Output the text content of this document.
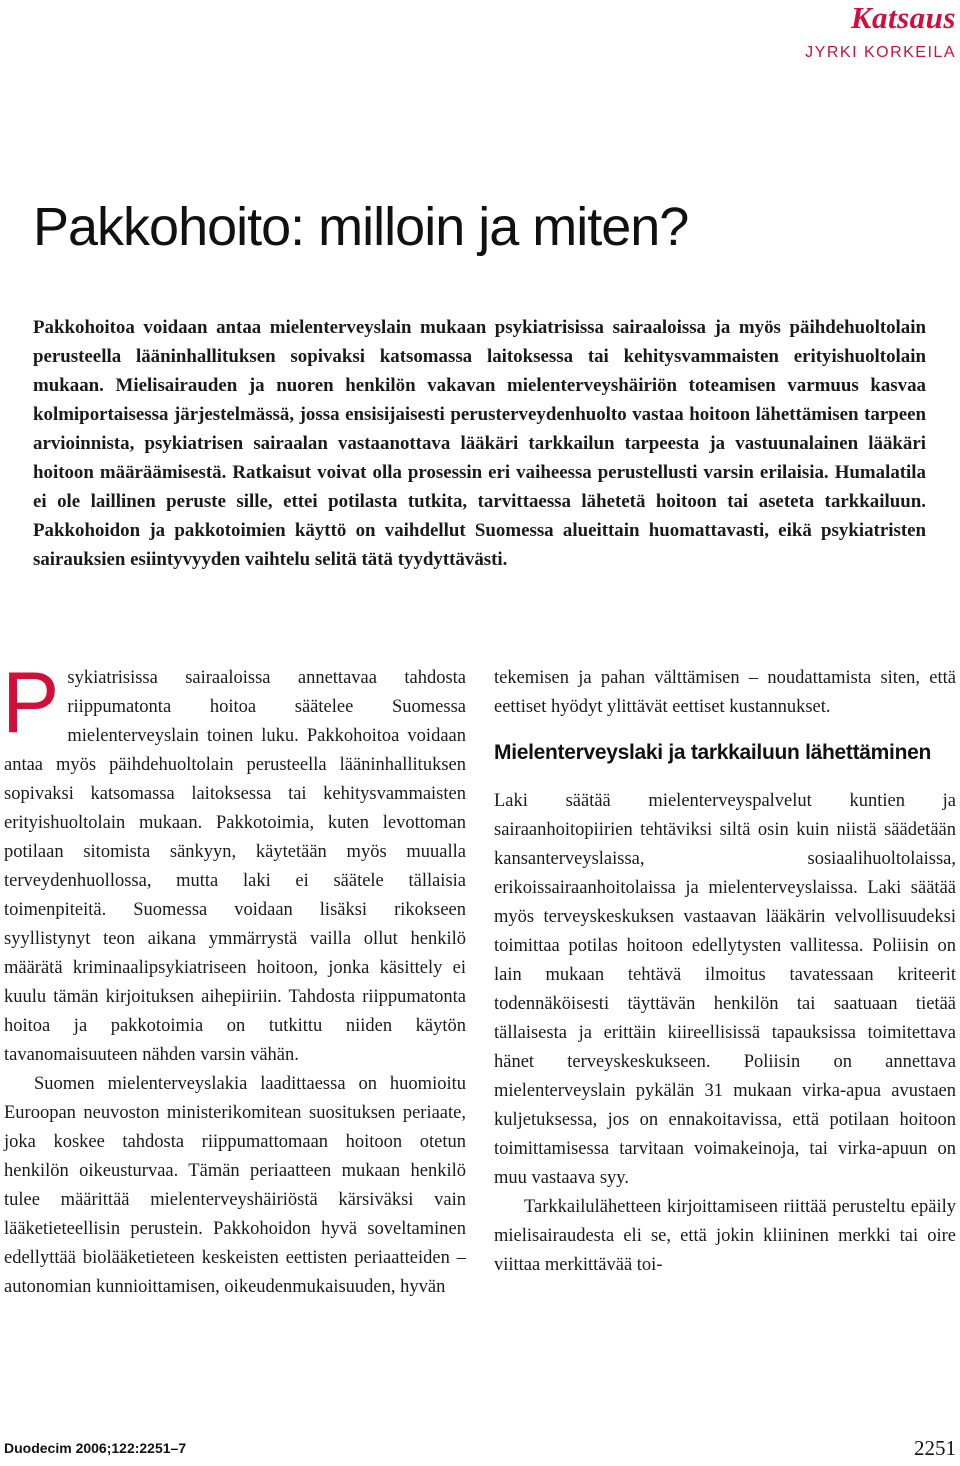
Katsaus
JYRKI KORKEILA
Pakkohoito: milloin ja miten?

Pakkohoitoa voidaan antaa mielenterveyslain mukaan psykiatrisissa sairaaloissa ja myös päihdehuoltolain perusteella lääninhallituksen sopivaksi katsomassa laitoksessa tai kehitysvammaisten erityishuoltolain mukaan. Mielisairauden ja nuoren henkilön vakavan mielenterveyshäiriön toteamisen varmuus kasvaa kolmiportaisessa järjestelmässä, jossa ensisijaisesti perusterveydenhuolto vastaa hoitoon lähettämisen tarpeen arvioinnista, psykiatrisen sairaalan vastaanottava lääkäri tarkkailun tarpeesta ja vastuunalainen lääkäri hoitoon määräämisestä. Ratkaisut voivat olla prosessin eri vaiheessa perustellusti varsin erilaisia. Humalatila ei ole laillinen peruste sille, ettei potilasta tutkita, tarvittaessa lähetetä hoitoon tai aseteta tarkkailuun. Pakkohoidon ja pakkotoimien käyttö on vaihdellut Suomessa alueittain huomattavasti, eikä psykiatristen sairauksien esiintyvyyden vaihtelu selitä tätä tyydyttävästi.

Psykiatrisissa sairaaloissa annettavaa tahdosta riippumatonta hoitoa säätelee Suomessa mielenterveyslain toinen luku. Pakkohoitoa voidaan antaa myös päihdehuoltolain perusteella lääninhallituksen sopivaksi katsomassa laitoksessa tai kehitysvammaisten erityishuoltolain mukaan. Pakkotoimia, kuten levottoman potilaan sitomista sänkyyn, käytetään myös muualla terveydenhuollossa, mutta laki ei säätele tällaisia toimenpiteitä. Suomessa voidaan lisäksi rikokseen syyllistynyt teon aikana ymmärrystä vailla ollut henkilö määrätä kriminaalipsykiatriseen hoitoon, jonka käsittely ei kuulu tämän kirjoituksen aihepiiriin. Tahdosta riippumatonta hoitoa ja pakkotoimia on tutkittu niiden käytön tavanomaisuuteen nähden varsin vähän.

Suomen mielenterveyslakia laadittaessa on huomioitu Euroopan neuvoston ministerikomitean suosituksen periaate, joka koskee tahdosta riippumattomaan hoitoon otetun henkilön oikeusturvaa. Tämän periaatteen mukaan henkilö tulee määrittää mielenterveyshäiriöstä kärsiväksi vain lääketieteellisin perustein. Pakkohoidon hyvä soveltaminen edellyttää biolääketieteen keskeisten eettisten periaatteiden – autonomian kunnioittamisen, oikeudenmukaisuuden, hyvän

tekemisen ja pahan välttämisen – noudattamista siten, että eettiset hyödyt ylittävät eettiset kustannukset.

Mielenterveyslaki ja tarkkailuun lähettäminen

Laki säätää mielenterveyspalvelut kuntien ja sairaanhoitopiirien tehtäviksi siltä osin kuin niistä säädetään kansanterveyslaissa, sosiaalihuoltolaissa, erikoissairaanhoitolaissa ja mielenterveyslaissa. Laki säätää myös terveyskeskuksen vastaavan lääkärin velvollisuudeksi toimittaa potilas hoitoon edellytysten vallitessa. Poliisin on lain mukaan tehtävä ilmoitus tavatessaan kriteerit todennäköisesti täyttävän henkilön tai saatuaan tietää tällaisesta ja erittäin kiireellisissä tapauksissa toimitettava hänet terveyskeskukseen. Poliisin on annettava mielenterveyslain pykälän 31 mukaan virka-apua avustaen kuljetuksessa, jos on ennakoitavissa, että potilaan hoitoon toimittamisessa tarvitaan voimakeinoja, tai virka-apuun on muu vastaava syy.

Tarkkailulähetteen kirjoittamiseen riittää perusteltu epäily mielisairaudesta eli se, että jokin kliininen merkki tai oire viittaa merkittävää toi-

Duodecim 2006;122:2251–7	2251
